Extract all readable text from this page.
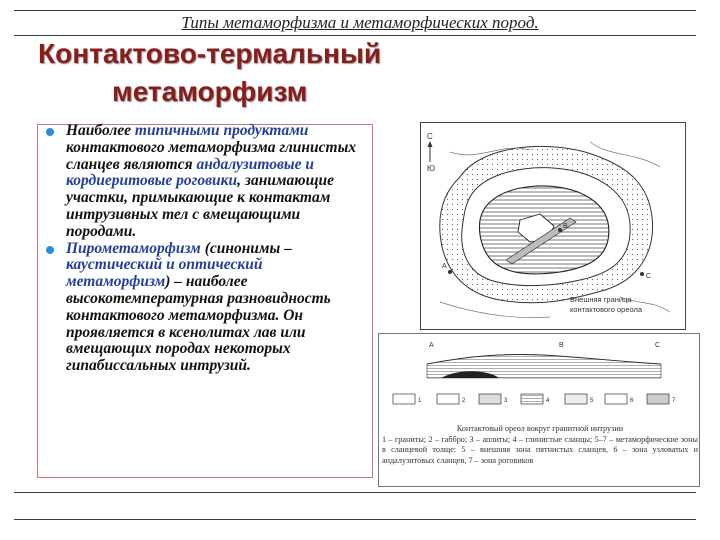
Типы метаморфизма и метаморфических пород.
Контактово-термальный
метаморфизм
Наиболее типичными продуктами контактового метаморфизма глинистых сланцев являются андалузитовые и кордиеритовые роговики, занимающие участки, примыкающие к контактам интрузивных тел с вмещающими породами.
Пирометаморфизм (синонимы – каустический и оптический метаморфизм) – наиболее высокотемпературная разновидность контактового метаморфизма. Он проявляется в ксенолитах лав или вмещающих породах некоторых гипабиссальных интрузий.
С
Ю
А
В
С
Внешняя граница
контактового ореола
A	B	C
1	2	3	4	5	6	7
Контактовый ореол вокруг гранитной интрузии
1 – граниты; 2 – габбро; 3 – аплиты; 4 – глинистые сланцы; 5–7 – метаморфические зоны в сланцевой толще: 5 – внешняя зона пятнистых сланцев, 6 – зона узловатых и андалузитовых сланцев, 7 – зона роговиков
